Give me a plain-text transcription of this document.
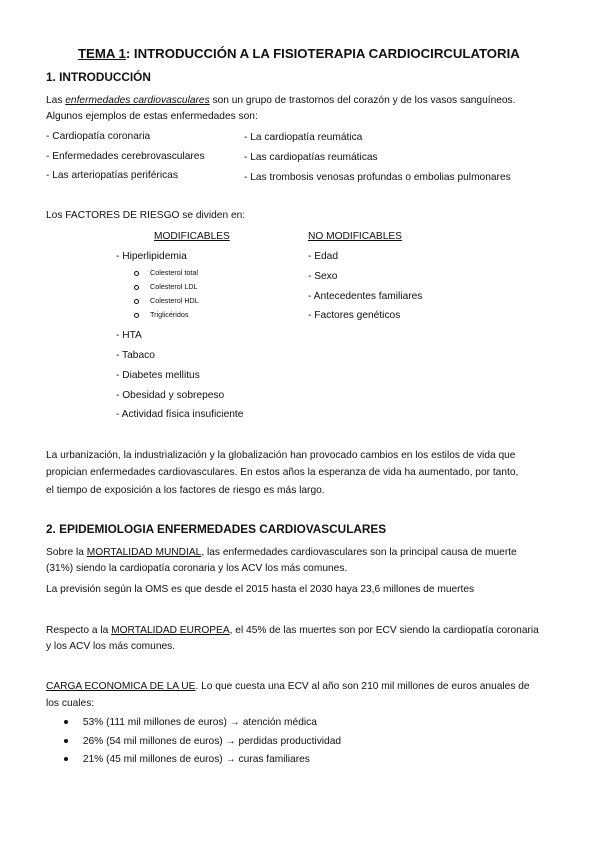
TEMA 1: INTRODUCCIÓN A LA FISIOTERAPIA CARDIOCIRCULATORIA
1. INTRODUCCIÓN
Las enfermedades cardiovasculares son un grupo de trastornos del corazón y de los vasos sanguíneos.
Algunos ejemplos de estas enfermedades son:
- Cardiopatía coronaria
- Enfermedades cerebrovasculares
- Las arteriopatías periféricas
- La cardiopatía reumática
- Las cardiopatías reumáticas
- Las trombosis venosas profundas o embolias pulmonares
Los FACTORES DE RIESGO se dividen en:
MODIFICABLES	NO MODIFICABLES
- Hiperlipidemia
Colesterol total
Colesterol LDL
Colesterol HDL
Triglicéridos
- HTA
- Tabaco
- Diabetes mellitus
- Obesidad y sobrepeso
- Actividad física insuficiente
- Edad
- Sexo
- Antecedentes familiares
- Factores genéticos
La urbanización, la industrialización y la globalización han provocado cambios en los estilos de vida que
propician enfermedades cardiovasculares. En estos años la esperanza de vida ha aumentado, por tanto,
el tiempo de exposición a los factores de riesgo es más largo.
2. EPIDEMIOLOGIA ENFERMEDADES CARDIOVASCULARES
Sobre la MORTALIDAD MUNDIAL, las enfermedades cardiovasculares son la principal causa de muerte
(31%) siendo la cardiopatía coronaria y los ACV los más comunes.
La previsión según la OMS es que desde el 2015 hasta el 2030 haya 23,6 millones de muertes
Respecto a la MORTALIDAD EUROPEA, el 45% de las muertes son por ECV siendo la cardiopatía coronaria
y los ACV los más comunes.
CARGA ECONOMICA DE LA UE. Lo que cuesta una ECV al año son 210 mil millones de euros anuales de
los cuales:
53% (111 mil millones de euros) → atención médica
26% (54 mil millones de euros) → perdidas productividad
21% (45 mil millones de euros) → curas familiares
